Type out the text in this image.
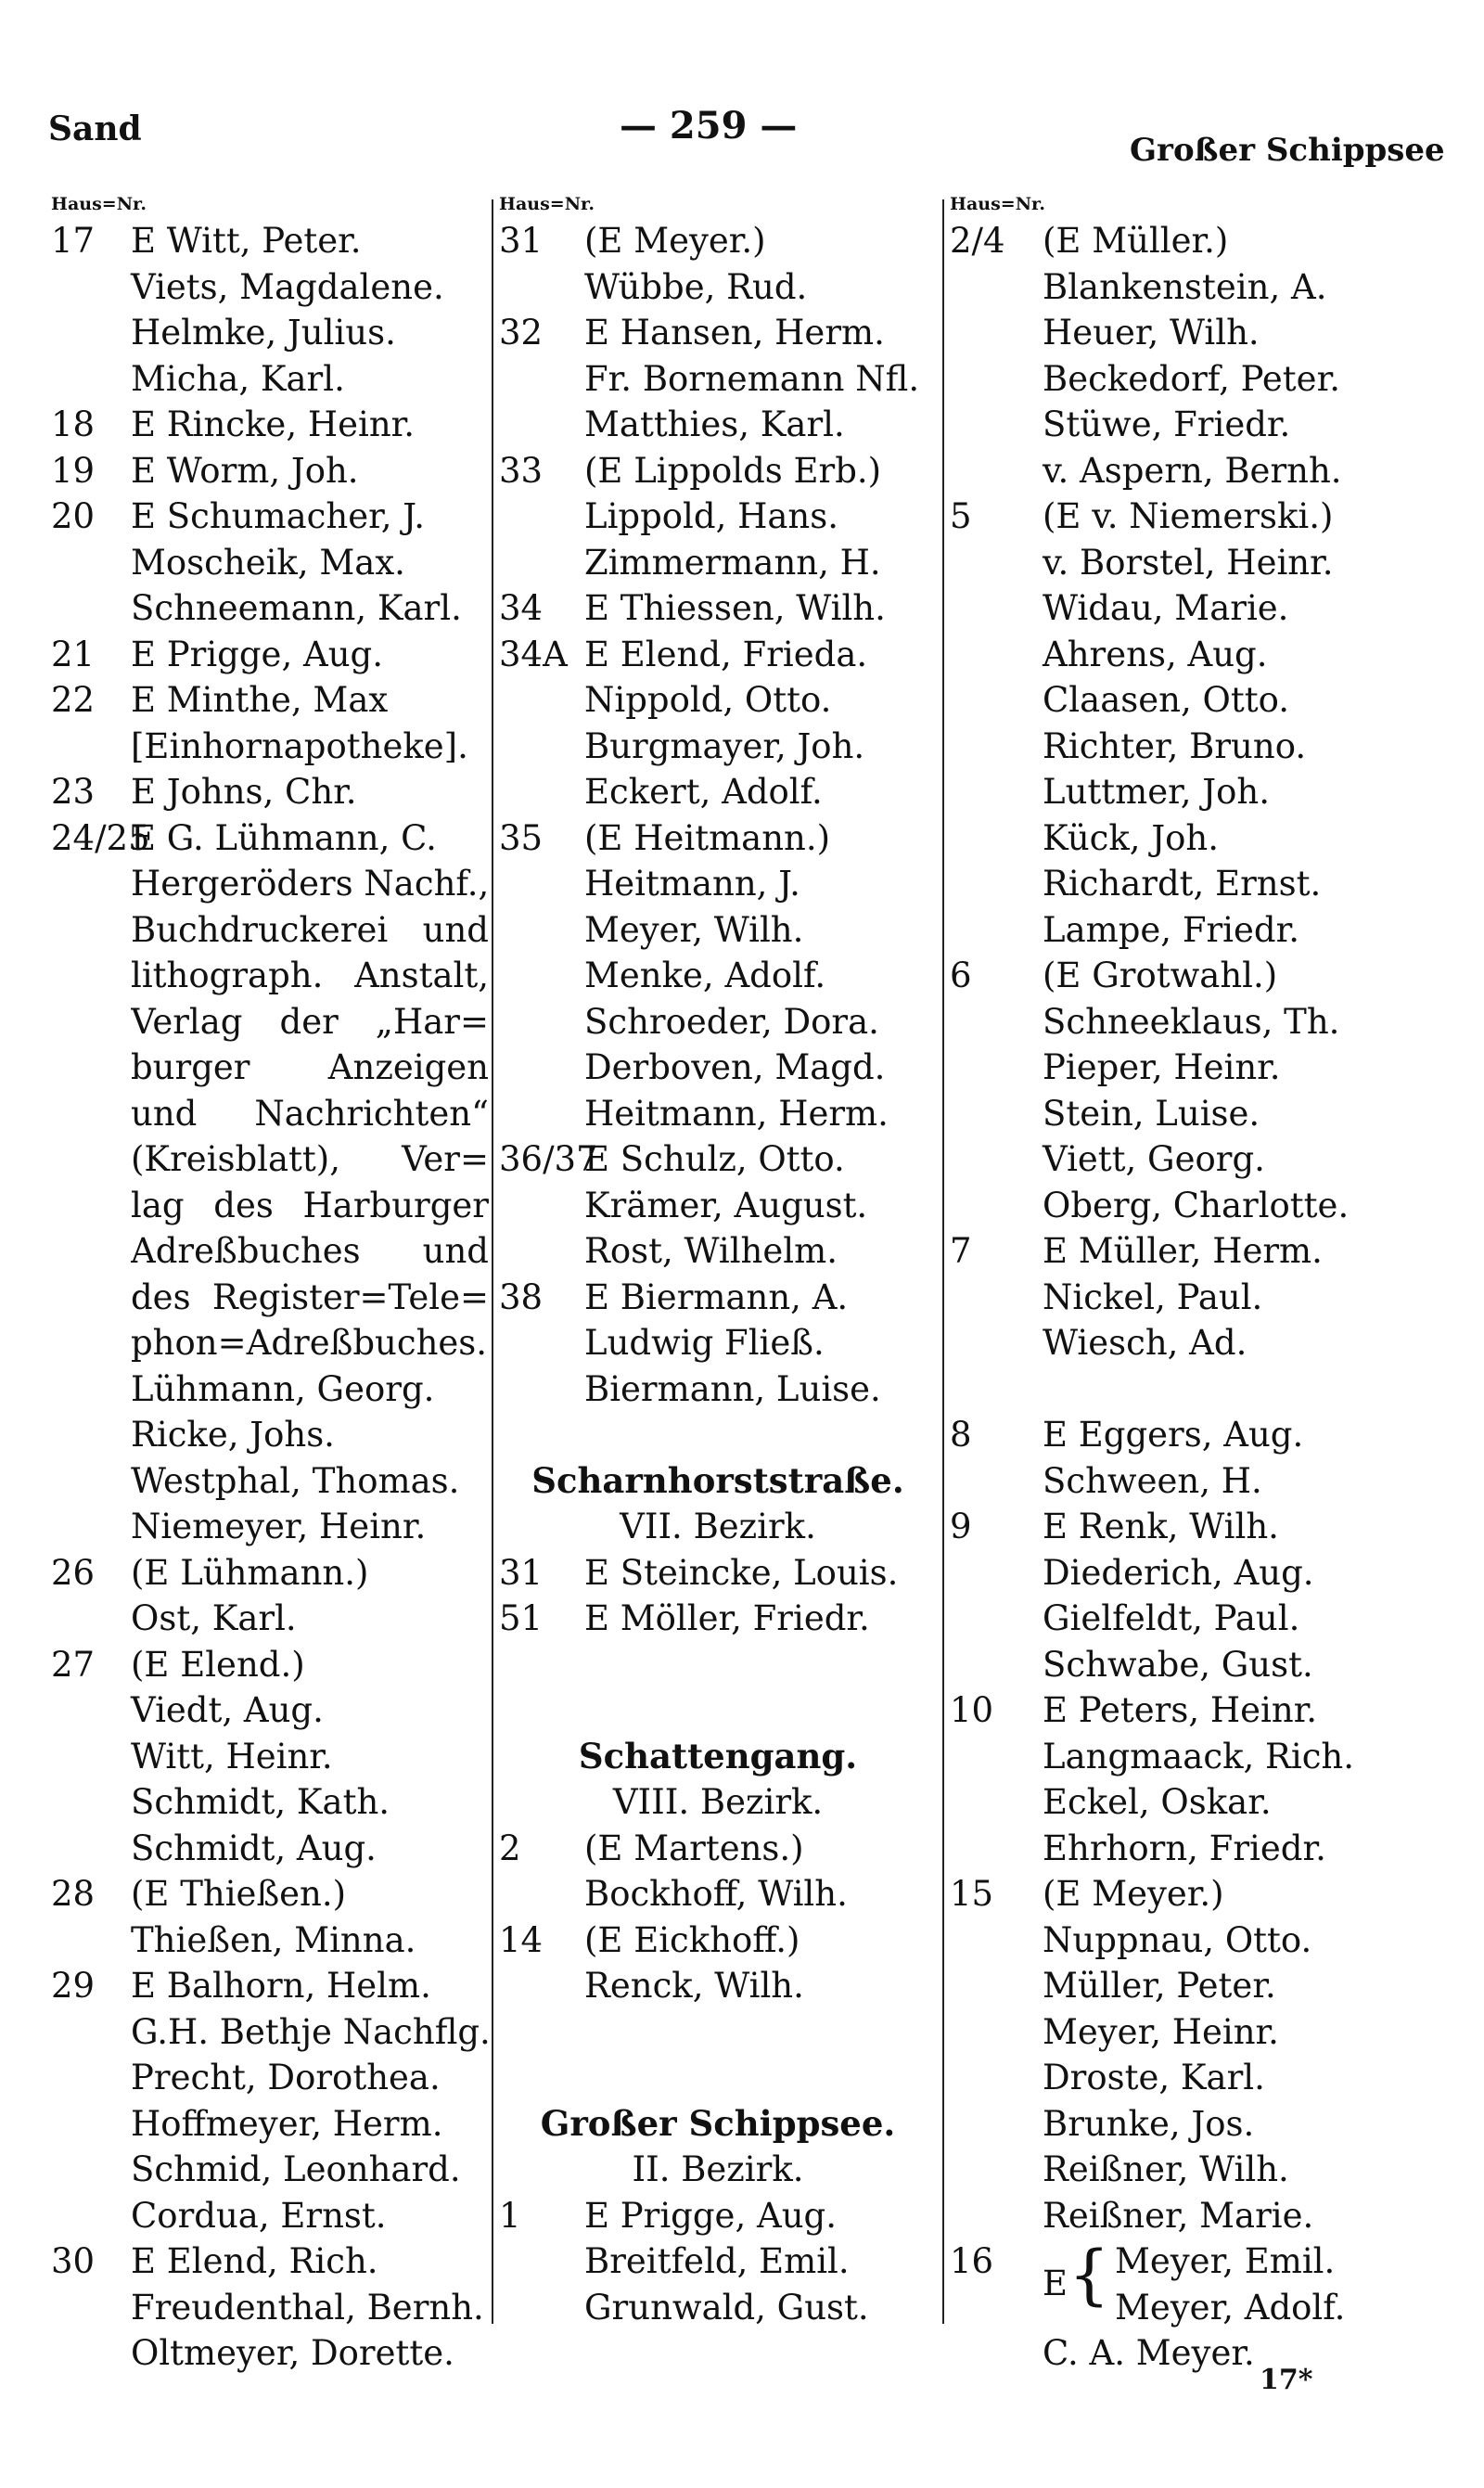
Sand	— 259 —
Großer Schippsee
Haus=Nr.
17 E Witt, Peter.
Viets, Magdalene.
Helmke, Julius.
Micha, Karl.
18 E Rincke, Heinr.
19 E Worm, Joh.
20 E Schumacher, J.
Moscheik, Max.
Schneemann, Karl.
21 E Prigge, Aug.
22 E Minthe, Max
[Einhornapotheke].
23 E Johns, Chr.
24/25
E G. Lühmann, C.
Hergeröders Nachf.,
Buchdruckerei und
lithograph. Anstalt,
Verlag der „Har=
burger Anzeigen
und Nachrichten“
(Kreisblatt), Ver=
lag des Harburger
Adreßbuches und
des Register=Tele=
phon=Adreßbuches.
Lühmann, Georg.
Ricke, Johs.
Westphal, Thomas.
Niemeyer, Heinr.
26 (E Lühmann.)
Ost, Karl.
27 (E Elend.)
Viedt, Aug.
Witt, Heinr.
Schmidt, Kath.
Schmidt, Aug.
28 (E Thießen.)
Thießen, Minna.
29 E Balhorn, Helm.
G.H. Bethje Nachflg.
Precht, Dorothea.
Hoffmeyer, Herm.
Schmid, Leonhard.
Cordua, Ernst.
30 E Elend, Rich.
Freudenthal, Bernh.
Oltmeyer, Dorette.
Haus=Nr.
31 (E Meyer.)
Wübbe, Rud.
32 E Hansen, Herm.
Fr. Bornemann Nfl.
Matthies, Karl.
33 (E Lippolds Erb.)
Lippold, Hans.
Zimmermann, H.
34 E Thiessen, Wilh.
34A E Elend, Frieda.
Nippold, Otto.
Burgmayer, Joh.
Eckert, Adolf.
35 (E Heitmann.)
Heitmann, J.
Meyer, Wilh.
Menke, Adolf.
Schroeder, Dora.
Derboven, Magd.
Heitmann, Herm.
36/37
E Schulz, Otto.
Krämer, August.
Rost, Wilhelm.
38 E Biermann, A.
Ludwig Fließ.
Biermann, Luise.
Scharnhorststraße.
VII. Bezirk.
31 E Steincke, Louis.
51 E Möller, Friedr.
Schattengang.
VIII. Bezirk.
2 (E Martens.)
Bockhoff, Wilh.
14 (E Eickhoff.)
Renck, Wilh.
Großer Schippsee.
II. Bezirk.
1 E Prigge, Aug.
Breitfeld, Emil.
Grunwald, Gust.
Haus=Nr.
2/4 (E Müller.)
Blankenstein, A.
Heuer, Wilh.
Beckedorf, Peter.
Stüwe, Friedr.
v. Aspern, Bernh.
5 (E v. Niemerski.)
v. Borstel, Heinr.
Widau, Marie.
Ahrens, Aug.
Claasen, Otto.
Richter, Bruno.
Luttmer, Joh.
Kück, Joh.
Richardt, Ernst.
Lampe, Friedr.
6 (E Grotwahl.)
Schneeklaus, Th.
Pieper, Heinr.
Stein, Luise.
Viett, Georg.
Oberg, Charlotte.
7 E Müller, Herm.
Nickel, Paul.
Wiesch, Ad.
8 E Eggers, Aug.
Schween, H.
9 E Renk, Wilh.
Diederich, Aug.
Gielfeldt, Paul.
Schwabe, Gust.
10 E Peters, Heinr.
Langmaack, Rich.
Eckel, Oskar.
Ehrhorn, Friedr.
15 (E Meyer.)
Nuppnau, Otto.
Müller, Peter.
Meyer, Heinr.
Droste, Karl.
Brunke, Jos.
Reißner, Wilh.
Reißner, Marie.
16
E { Meyer, Emil.
Meyer, Adolf.
C. A. Meyer.
17*
